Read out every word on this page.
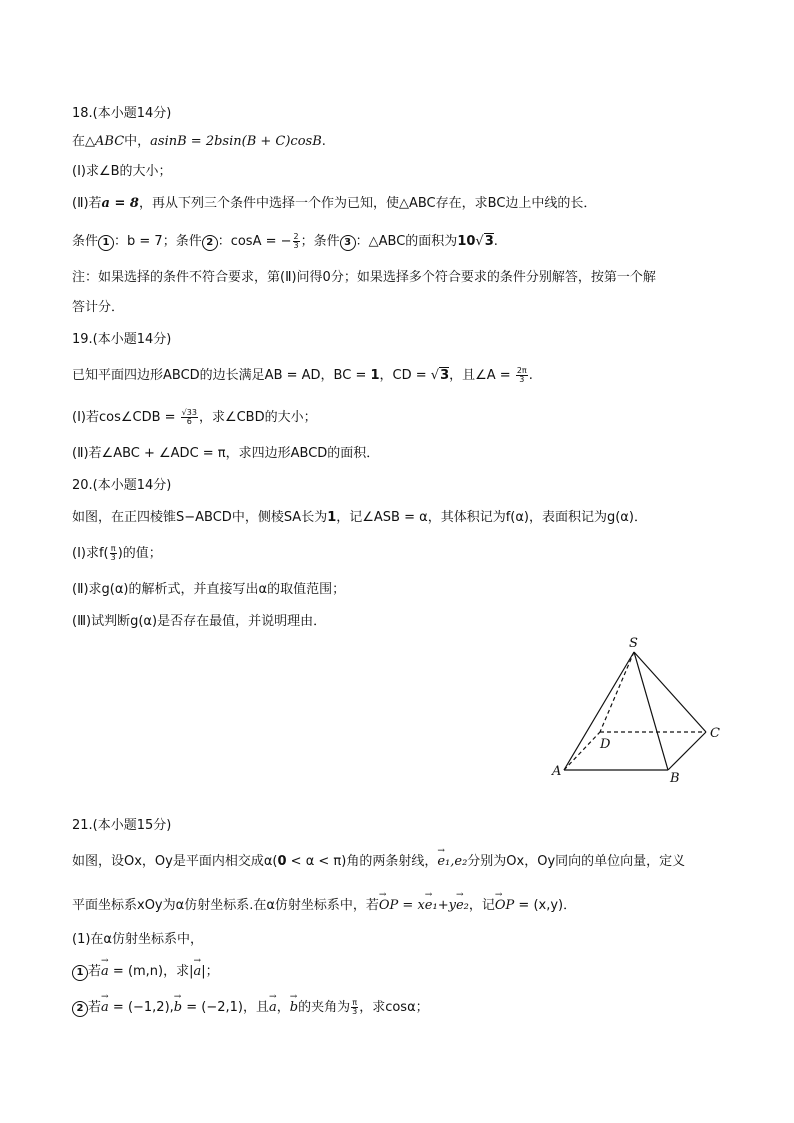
18.(本小题14分)
在△ABC中，asinB = 2bsin(B + C)cosB.
(Ⅰ)求∠B的大小；
(Ⅱ)若a = 8，再从下列三个条件中选择一个作为已知，使△ABC存在，求BC边上中线的长．
条件 1 ：b = 7；条件 2 ：cosA = − $\frac{2}{3}$ ；条件 3 ：△ABC的面积为10√3.
注：如果选择的条件不符合要求，第(Ⅱ)问得0分；如果选择多个符合要求的条件分别解答，按第一个解
答计分．
19.(本小题14分)
已知平面四边形ABCD的边长满足AB = AD，BC = 1，CD = √3，且∠A = $\frac{2\pi}{3}$ .
(Ⅰ)若cos∠CDB = $\frac{√33}{6}$ ，求∠CBD的大小；
(Ⅱ)若∠ABC + ∠ADC = π，求四边形ABCD的面积．
20.(本小题14分)
如图，在正四棱锥S−ABCD中，侧棱SA长为1，记∠ASB = α，其体积记为f(α)，表面积记为g(α)．
(Ⅰ)求$f( \frac{\pi}{3}$ )的值；
(Ⅱ)求g(α)的解析式，并直接写出α的取值范围；
(Ⅲ)试判断g(α)是否存在最值，并说明理由．
S
A	B
C
D
21.(本小题15分)
如图，设Ox，Oy是平面内相交成α(0 < α < π)角的两条射线，→ e₁,e₂分别为Ox，Oy同向的单位向量，定义
平面坐标系xOy为α仿射坐标系.在α仿射坐标系中，若→ OP = x→ e₁+y→ e₂，记→ OP = (x,y)．
(1)在α仿射坐标系中，
1 若→ a = (m,n)，求|→ a|；
2 若→ a = (−1,2),→ b = (−2,1)，且→ a，→ b的夹角为 $\frac{\pi}{3}$ ，求cosα；
